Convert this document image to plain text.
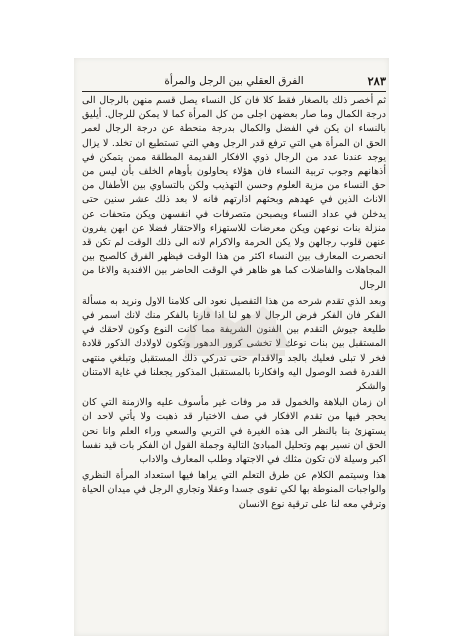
٢٨٣
الفرق العقلي بين الرجل والمرأة

ثم أخصر ذلك بالصغار فقط كلا فان كل النساء يصل قسم منهن بالرجال الى درجة الكمال وما صار بعضهن اجلى من كل المرأة كما لا يمكن للرجال. أيليق بالنساء ان يكن في الفضل والكمال بدرجة منحطة عن درجة الرجال لعمر الحق ان المرأة هي التي ترفع قدر الرجل وهي التي تستطيع ان تخلد. لا يزال يوجد عندنا عدد من الرجال ذوي الافكار القديمة المطلقة ممن يتمكن في أذهانهم وجوب تربية النساء فان هؤلاء يحاولون بأوهام الخلف بأن ليس من حق النساء من مزية العلوم وحسن التهذيب ولكن بالتساوي بين الأطفال من الاناث الذين في عهدهم وبحثهم اذارتهم فانه لا بعد ذلك عشر سنين حتى يدخلن في عداد النساء ويصبحن متصرفات في انفسهن ويكن متحفات عن منزلة بنات نوعهن ويكن معرضات للاستهزاء والاحتقار فضلا عن ابهن يفرون عنهن قلوب رجالهن ولا يكن الحرمة والاكرام لانه الى ذلك الوقت لم تكن قد انحصرت المعارف بين النساء اكثر من هذا الوقت فيظهر الفرق كالصبح بين المجاهلات والفاضلات كما هو ظاهر في الوقت الحاضر بين الافندية والاغا من الرجال

وبعد الذي تقدم شرحه من هذا التفصيل نعود الى كلامنا الاول ونريد به مسألة الفكر فان الفكر فرض الرجال لا هو لنا اذا قارنا بالفكر منك لانك اسمر في طليعة جيوش التقدم بين الفنون الشريفة مما كانت النوع وكون لاحقك في المستقبل بين بنات نوعك لا تخشى كرور الدهور وتكون لاولادك الذكور قلادة فخر لا تبلى فعليك بالجد والاقدام حتى تدركي ذلك المستقبل وتبلغي منتهى القدرة قصد الوصول اليه وافكارنا بالمستقبل المذكور يجعلنا في غاية الامتنان والشكر

ان زمان البلاهة والخمول قد مر وفات غير مأسوف عليه والازمنة التي كان يحجر فيها من تقدم الافكار في صف الاختيار قد ذهبت ولا يأتي لاحد ان يستهزئ بنا بالنظر الى هذه الغيرة في التربي والسعي وراء العلم وانا نحن الحق ان نسير بهم وتحليل المبادئ التالية وجملة القول ان الفكر بات قيد نفسا اكبر وسيلة لان تكون مثلك في الاجتهاد وطلب المعارف والاداب

هذا وسيتمم الكلام عن طرق التعلم التي يراها فيها استعداد المرأة النظري والواجبات المنوطة بها لكي تقوى جسدا وعقلا وتجاري الرجل في ميدان الحياة وترقي معه لنا على ترقية نوع الانسان
